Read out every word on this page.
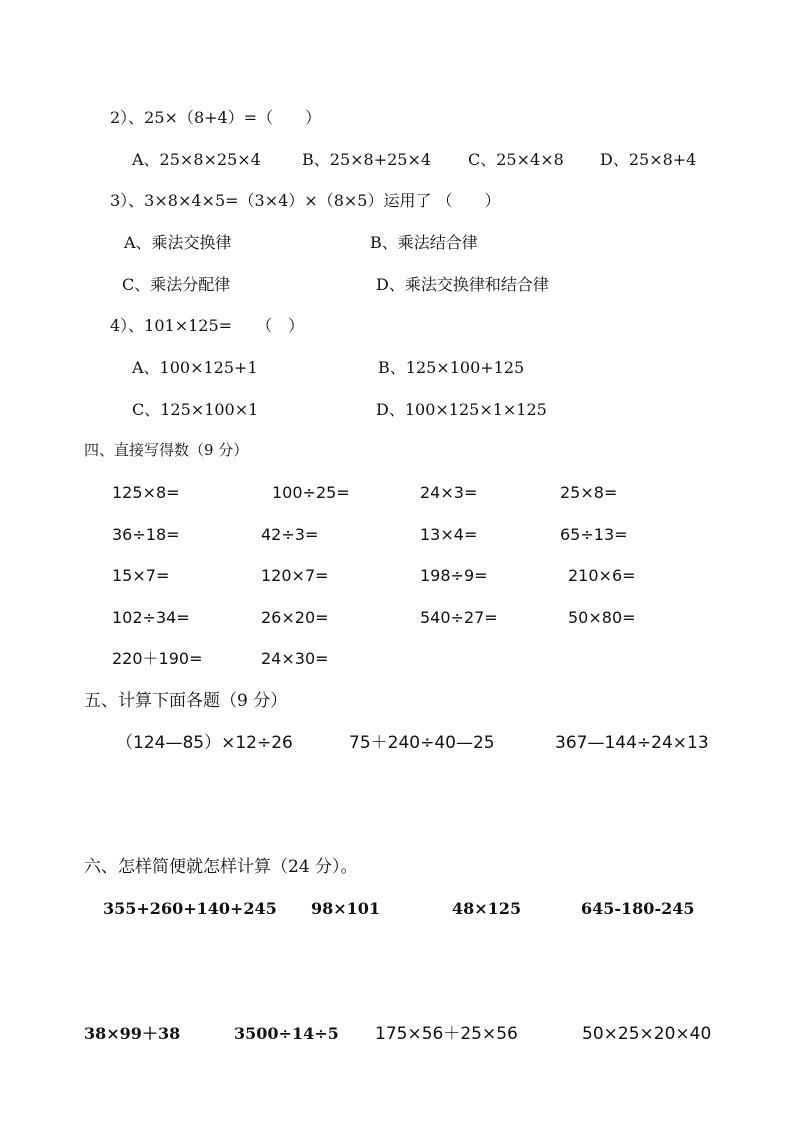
2）、25×（8+4）=（　　）
A、25×8×25×4	B、25×8+25×4 C、25×4×8 D、25×8+4
3）、3×8×4×5=（3×4）×（8×5）运用了 （　　）
A、乘法交换律	B、乘法结合律
C、乘法分配律	D、乘法交换律和结合律
4）、101×125=　　（　）
A、100×125+1	B、125×100+125
C、125×100×1	D、100×125×1×125
四、直接写得数（9 分）
125×8=	100÷25=	24×3=	25×8=
36÷18=	42÷3=	13×4=	65÷13=
15×7=	120×7=	198÷9=	210×6=
102÷34=	26×20=	540÷27=	50×80=
220＋190=	24×30=
五、计算下面各题（9 分）
（124—85）×12÷26	75＋240÷40—25	367—144÷24×13
六、怎样简便就怎样计算（24 分）。
355+260+140+245 98×101	48×125	645-180-245
38×99＋38	3500÷14÷5 175×56＋25×56	50×25×20×40
